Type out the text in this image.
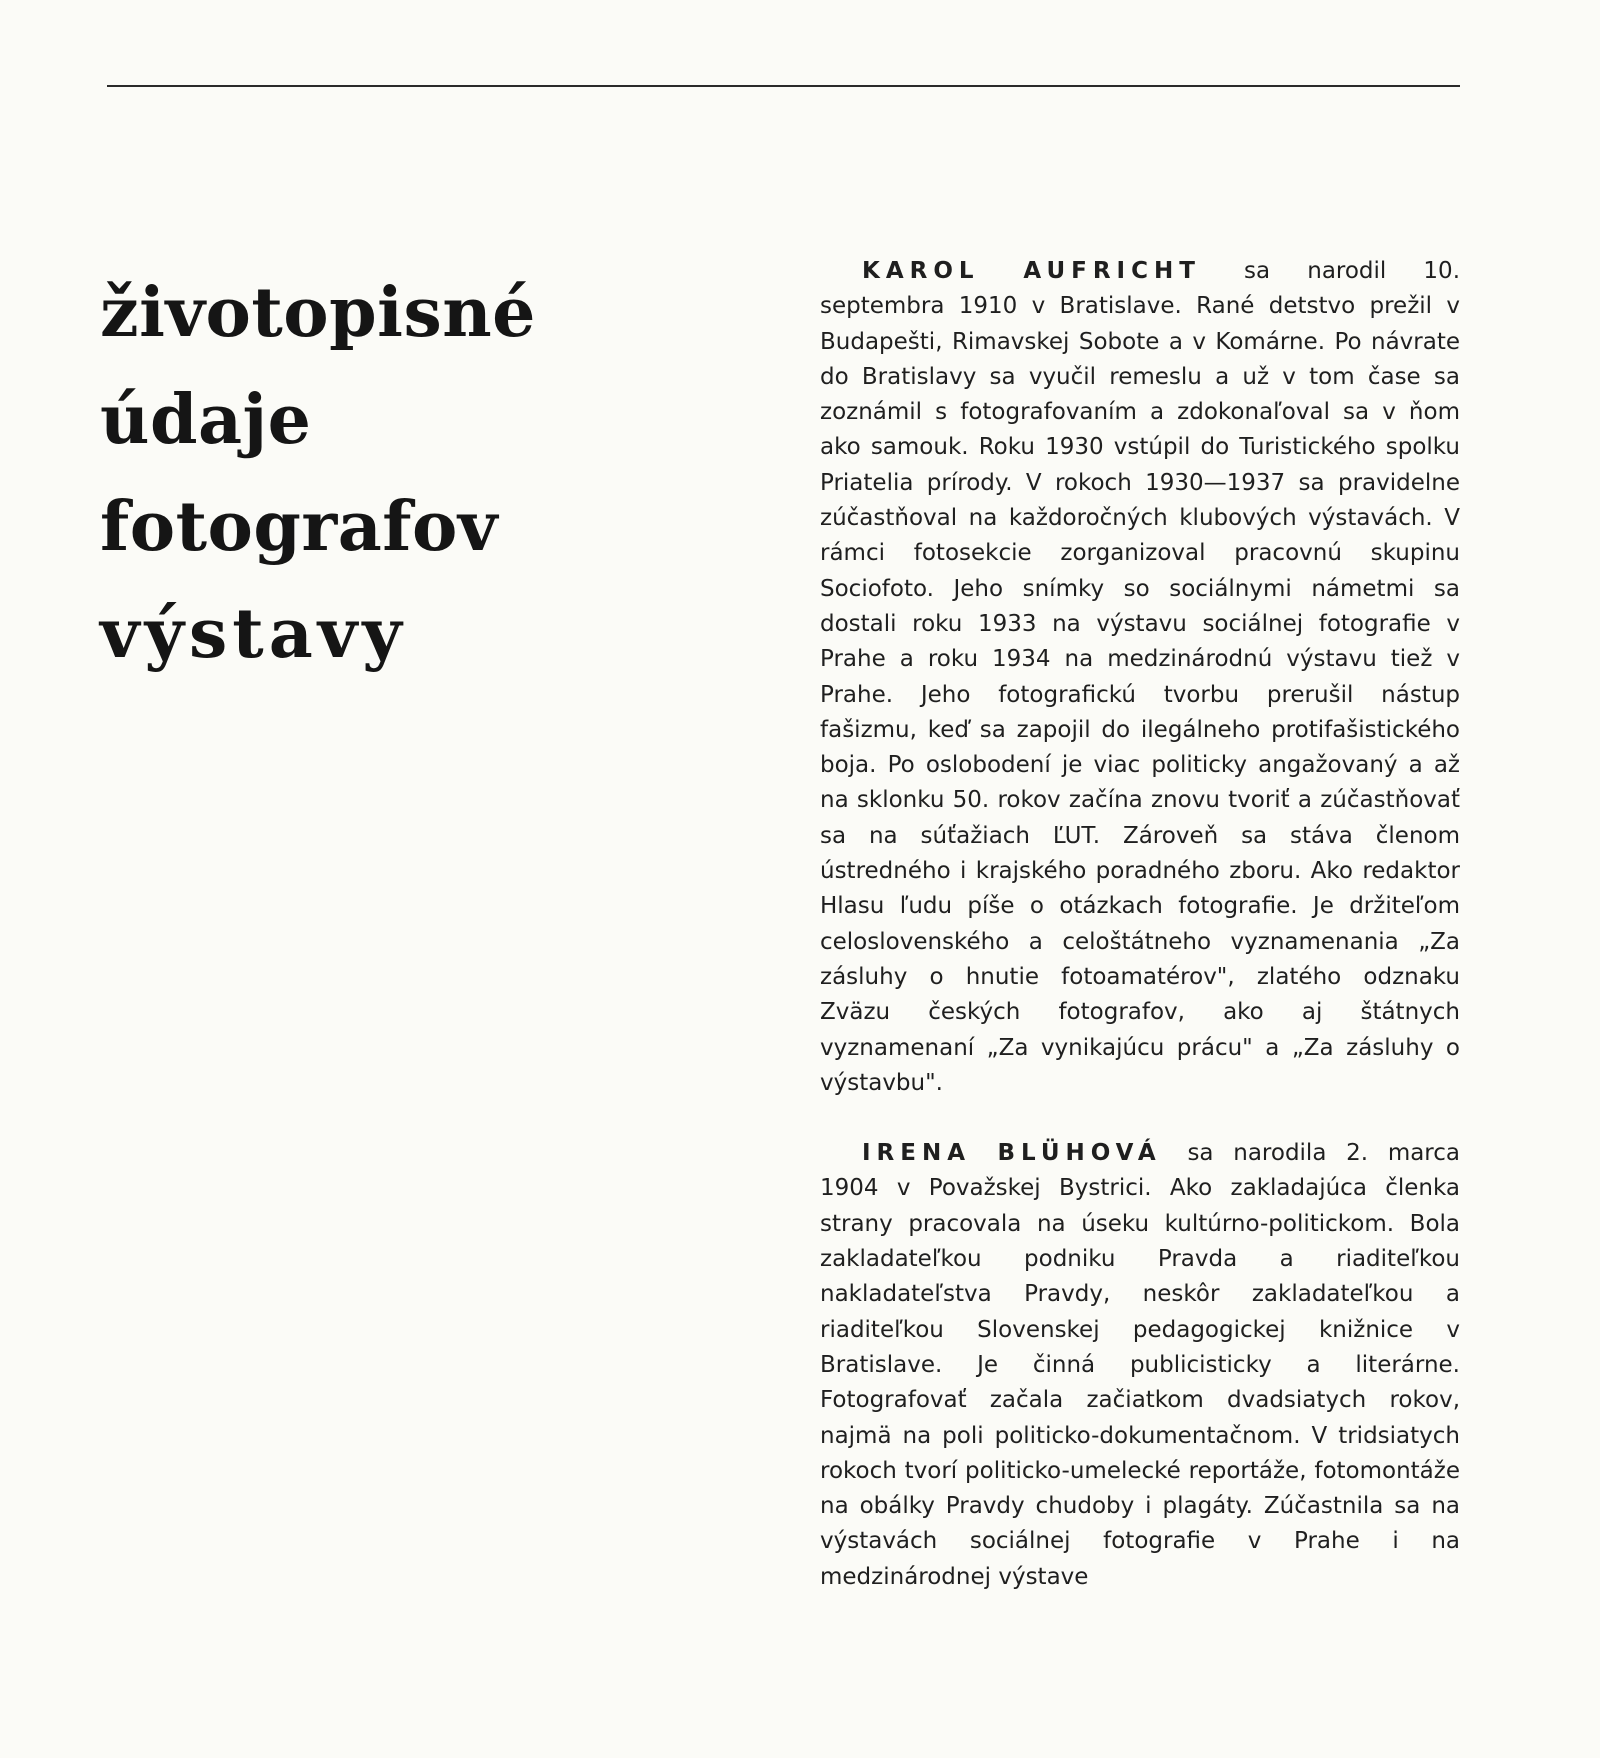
životopisné
údaje
fotografov
výstavy

KAROL AUFRICHT sa narodil 10. septembra 1910 v Bratislave. Rané detstvo prežil v Budapešti, Rimavskej Sobote a v Komárne. Po návrate do Bratislavy sa vyučil remeslu a už v tom čase sa zoznámil s fotografovaním a zdokonaľoval sa v ňom ako samouk. Roku 1930 vstúpil do Turistického spolku Priatelia prírody. V rokoch 1930—1937 sa pravidelne zúčastňoval na každoročných klubových výstavách. V rámci fotosekcie zorganizoval pracovnú skupinu Sociofoto. Jeho snímky so sociálnymi námetmi sa dostali roku 1933 na výstavu sociálnej fotografie v Prahe a roku 1934 na medzinárodnú výstavu tiež v Prahe. Jeho fotografickú tvorbu prerušil nástup fašizmu, keď sa zapojil do ilegálneho protifašistického boja. Po oslobodení je viac politicky angažovaný a až na sklonku 50. rokov začína znovu tvoriť a zúčastňovať sa na súťažiach ĽUT. Zároveň sa stáva členom ústredného i krajského poradného zboru. Ako redaktor Hlasu ľudu píše o otázkach fotografie. Je držiteľom celoslovenského a celoštátneho vyznamenania „Za zásluhy o hnutie fotoamatérov", zlatého odznaku Zväzu českých fotografov, ako aj štátnych vyznamenaní „Za vynikajúcu prácu" a „Za zásluhy o výstavbu".

IRENA BLÜHOVÁ sa narodila 2. marca 1904 v Považskej Bystrici. Ako zakladajúca členka strany pracovala na úseku kultúrno-politickom. Bola zakladateľkou podniku Pravda a riaditeľkou nakladateľstva Pravdy, neskôr zakladateľkou a riaditeľkou Slovenskej pedagogickej knižnice v Bratislave. Je činná publicisticky a literárne. Fotografovať začala začiatkom dvadsiatych rokov, najmä na poli politicko-dokumentačnom. V tridsiatych rokoch tvorí politicko-umelecké reportáže, fotomontáže na obálky Pravdy chudoby i plagáty. Zúčastnila sa na výstavách sociálnej fotografie v Prahe i na medzinárodnej výstave
